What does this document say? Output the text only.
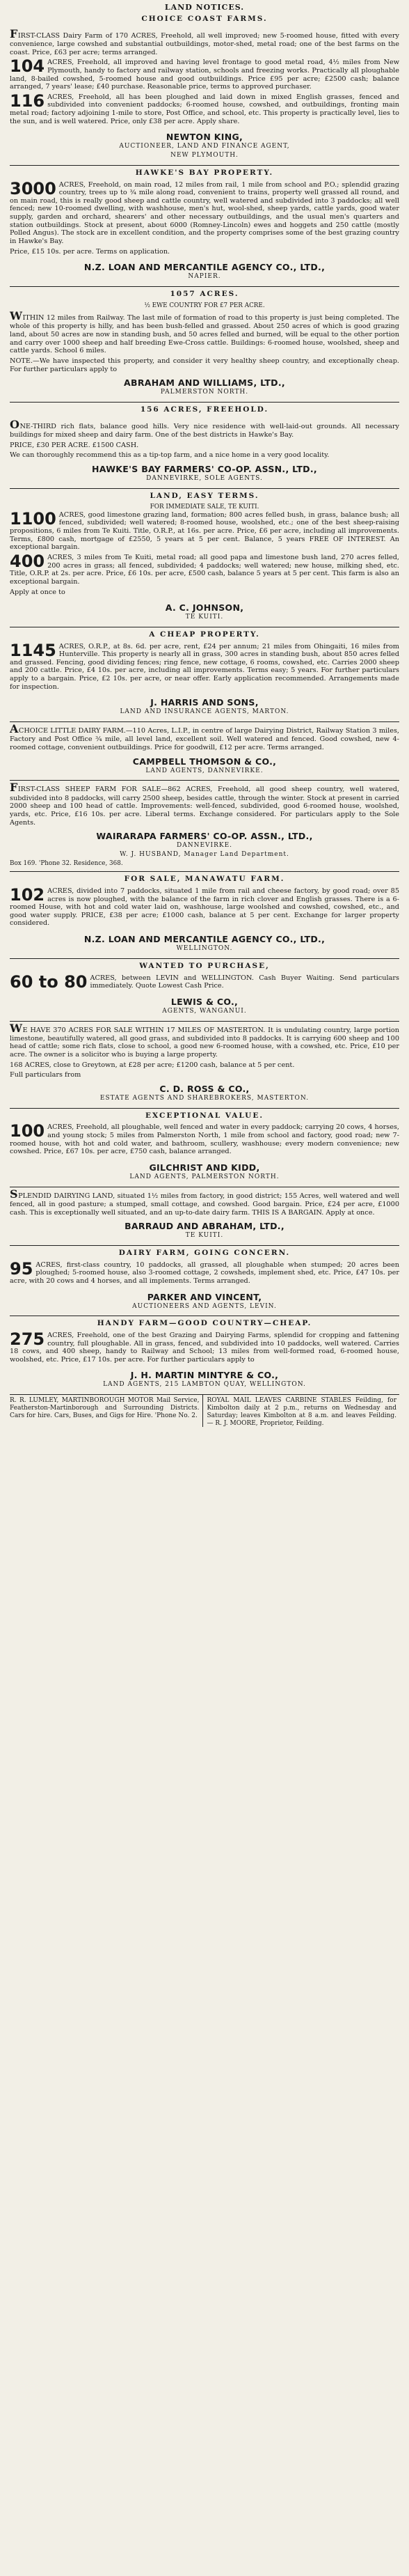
LAND NOTICES.
CHOICE COAST FARMS.

FIRST-CLASS Dairy Farm of 170 ACRES, Freehold, all well improved; new 5-roomed house, fitted with every convenience, large cowshed and substantial outbuildings, motor-shed, metal road; one of the best farms on the coast. Price, £63 per acre; terms arranged.

104 ACRES, Freehold, all improved and having level frontage to good metal road, 4½ miles from New Plymouth, handy to factory and railway station, schools and freezing works. Practically all ploughable land, 8-bailed cowshed, 5-roomed house and good outbuildings. Price £95 per acre; £2500 cash; balance arranged, 7 years' lease; £40 purchase. Reasonable price, terms to approved purchaser.

116 ACRES, Freehold, all has been ploughed and laid down in mixed English grasses, fenced and subdivided into convenient paddocks; 6-roomed house, cowshed, and outbuildings, fronting main metal road; factory adjoining 1-mile to store, Post Office, and school, etc. This property is practically level, lies to the sun, and is well watered. Price, only £38 per acre. Apply share.

NEWTON KING,
AUCTIONEER, LAND AND FINANCE AGENT,
NEW PLYMOUTH.
HAWKE'S BAY PROPERTY.

3000 ACRES, Freehold, on main road, 12 miles from rail, 1 mile from school and P.O.; splendid grazing country, trees up to ¾ mile along road, convenient to trains, property well grassed all round, and on main road, this is really good sheep and cattle country, well watered and subdivided into 3 paddocks; all well fenced; new 10-roomed dwelling, with washhouse, men's hut, wool-shed, sheep yards, cattle yards, good water supply, garden and orchard, shearers' and other necessary outbuildings, and the usual men's quarters and station outbuildings. Stock at present, about 6000 (Romney-Lincoln) ewes and hoggets and 250 cattle (mostly Polled Angus). The stock are in excellent condition, and the property comprises some of the best grazing country in Hawke's Bay.

Price, £15 10s. per acre. Terms on application.

N.Z. LOAN AND MERCANTILE AGENCY CO., LTD.,
NAPIER.
1057 ACRES.
½ EWE COUNTRY FOR £7 PER ACRE.

WITHIN 12 miles from Railway. The last mile of formation of road to this property is just being completed. The whole of this property is hilly, and has been bush-felled and grassed. About 250 acres of which is good grazing land, about 50 acres are now in standing bush, and 50 acres felled and burned, will be equal to the other portion and carry over 1000 sheep and half breeding Ewe-Cross cattle. Buildings: 6-roomed house, woolshed, sheep and cattle yards. School 6 miles.

NOTE.—We have inspected this property, and consider it very healthy sheep country, and exceptionally cheap. For further particulars apply to

ABRAHAM AND WILLIAMS, LTD.,
PALMERSTON NORTH.
156 ACRES, FREEHOLD.

ONE-THIRD rich flats, balance good hills. Very nice residence with well-laid-out grounds. All necessary buildings for mixed sheep and dairy farm. One of the best districts in Hawke's Bay.

PRICE, £30 PER ACRE. £1500 CASH.

We can thoroughly recommend this as a tip-top farm, and a nice home in a very good locality.

HAWKE'S BAY FARMERS' CO-OP. ASSN., LTD.,
DANNEVIRKE, SOLE AGENTS.
LAND, EASY TERMS.
FOR IMMEDIATE SALE, TE KUITI.

1100 ACRES, good limestone grazing land, formation; 800 acres felled bush, in grass, balance bush; all fenced, subdivided; well watered; 8-roomed house, woolshed, etc.; one of the best sheep-raising propositions, 6 miles from Te Kuiti. Title, O.R.P., at 16s. per acre. Price, £6 per acre, including all improvements. Terms, £800 cash, mortgage of £2550, 5 years at 5 per cent. Balance, 5 years FREE OF INTEREST. An exceptional bargain.

400 ACRES, 3 miles from Te Kuiti, metal road; all good papa and limestone bush land, 270 acres felled, 200 acres in grass; all fenced, subdivided; 4 paddocks; well watered; new house, milking shed, etc. Title, O.R.P. at 2s. per acre. Price, £6 10s. per acre, £500 cash, balance 5 years at 5 per cent. This farm is also an exceptional bargain.

Apply at once to

A. C. JOHNSON,
TE KUITI.
A CHEAP PROPERTY.

1145 ACRES, O.R.P., at 8s. 6d. per acre, rent, £24 per annum; 21 miles from Ohingaiti, 16 miles from Hunterville. This property is nearly all in grass, 300 acres in standing bush, about 850 acres felled and grassed. Fencing, good dividing fences; ring fence, new cottage, 6 rooms, cowshed, etc. Carries 2000 sheep and 200 cattle. Price, £4 10s. per acre, including all improvements. Terms easy; 5 years. For further particulars apply to a bargain. Price, £2 10s. per acre, or near offer. Early application recommended. Arrangements made for inspection.

J. HARRIS AND SONS,
LAND AND INSURANCE AGENTS, MARTON.

ACHOICE LITTLE DAIRY FARM.—110 Acres, L.I.P., in centre of large Dairying District, Railway Station 3 miles, Factory and Post Office ¾ mile, all level land, excellent soil. Well watered and fenced. Good cowshed, new 4-roomed cottage, convenient outbuildings. Price for goodwill, £12 per acre. Terms arranged.

CAMPBELL THOMSON & CO.,
LAND AGENTS, DANNEVIRKE.

FIRST-CLASS SHEEP FARM FOR SALE—862 ACRES, Freehold, all good sheep country, well watered, subdivided into 8 paddocks, will carry 2500 sheep, besides cattle, through the winter. Stock at present in carried 2000 sheep and 100 head of cattle. Improvements: well-fenced, subdivided, good 6-roomed house, woolshed, yards, etc. Price, £16 10s. per acre. Liberal terms. Exchange considered. For particulars apply to the Sole Agents.

WAIRARAPA FARMERS' CO-OP. ASSN., LTD.,
DANNEVIRKE.
W. J. HUSBAND, Manager Land Department.
Box 169. 'Phone 32. Residence, 368.
FOR SALE, MANAWATU FARM.

102 ACRES, divided into 7 paddocks, situated 1 mile from rail and cheese factory, by good road; over 85 acres is now ploughed, with the balance of the farm in rich clover and English grasses. There is a 6-roomed House, with hot and cold water laid on, washhouse, large woolshed and cowshed, cowshed, etc., and good water supply. PRICE, £38 per acre; £1000 cash, balance at 5 per cent. Exchange for larger property considered.

N.Z. LOAN AND MERCANTILE AGENCY CO., LTD.,
WELLINGTON.
WANTED TO PURCHASE,

60 to 80 ACRES, between LEVIN and WELLINGTON. Cash Buyer Waiting. Send particulars immediately. Quote Lowest Cash Price.

LEWIS & CO.,
AGENTS, WANGANUI.

WE HAVE 370 ACRES FOR SALE WITHIN 17 MILES OF MASTERTON. It is undulating country, large portion limestone, beautifully watered, all good grass, and subdivided into 8 paddocks. It is carrying 600 sheep and 100 head of cattle; some rich flats, close to school, a good new 6-roomed house, with a cowshed, etc. Price, £10 per acre. The owner is a solicitor who is buying a large property.

168 ACRES, close to Greytown, at £28 per acre; £1200 cash, balance at 5 per cent.

Full particulars from

C. D. ROSS & CO.,
ESTATE AGENTS AND SHAREBROKERS, MASTERTON.
EXCEPTIONAL VALUE.

100 ACRES, Freehold, all ploughable, well fenced and water in every paddock; carrying 20 cows, 4 horses, and young stock; 5 miles from Palmerston North, 1 mile from school and factory, good road; new 7-roomed house, with hot and cold water, and bathroom, scullery, washhouse; every modern convenience; new cowshed. Price, £67 10s. per acre, £750 cash, balance arranged.

GILCHRIST AND KIDD,
LAND AGENTS, PALMERSTON NORTH.

SPLENDID DAIRYING LAND, situated 1½ miles from factory, in good district; 155 Acres, well watered and well fenced, all in good pasture; a stumped, small cottage, and cowshed. Good bargain. Price, £24 per acre, £1000 cash. This is exceptionally well situated, and an up-to-date dairy farm. THIS IS A BARGAIN. Apply at once.

BARRAUD AND ABRAHAM, LTD.,
TE KUITI.
DAIRY FARM, GOING CONCERN.

95 ACRES, first-class country, 10 paddocks, all grassed, all ploughable when stumped; 20 acres been ploughed; 5-roomed house, also 3-roomed cottage, 2 cowsheds, implement shed, etc. Price, £47 10s. per acre, with 20 cows and 4 horses, and all implements. Terms arranged.

PARKER AND VINCENT,
AUCTIONEERS AND AGENTS, LEVIN.
HANDY FARM—GOOD COUNTRY—CHEAP.

275 ACRES, Freehold, one of the best Grazing and Dairying Farms, splendid for cropping and fattening country, full ploughable. All in grass, fenced, and subdivided into 10 paddocks, well watered. Carries 18 cows, and 400 sheep, handy to Railway and School; 13 miles from well-formed road, 6-roomed house, woolshed, etc. Price, £17 10s. per acre. For further particulars apply to

J. H. MARTIN MINTYRE & CO.,
LAND AGENTS, 215 LAMBTON QUAY, WELLINGTON.
R. R. LUMLEY, MARTINBOROUGH MOTOR Mail Service, Featherston-Martinborough and Surrounding Districts. Cars for hire. Cars, Buses, and Gigs for Hire. 'Phone No. 2.
ROYAL MAIL LEAVES CARBINE STABLES Feilding, for Kimbolton daily at 2 p.m., returns on Wednesday and Saturday; leaves Kimbolton at 8 a.m. and leaves Feilding. — R. J. MOORE, Proprietor, Feilding.
